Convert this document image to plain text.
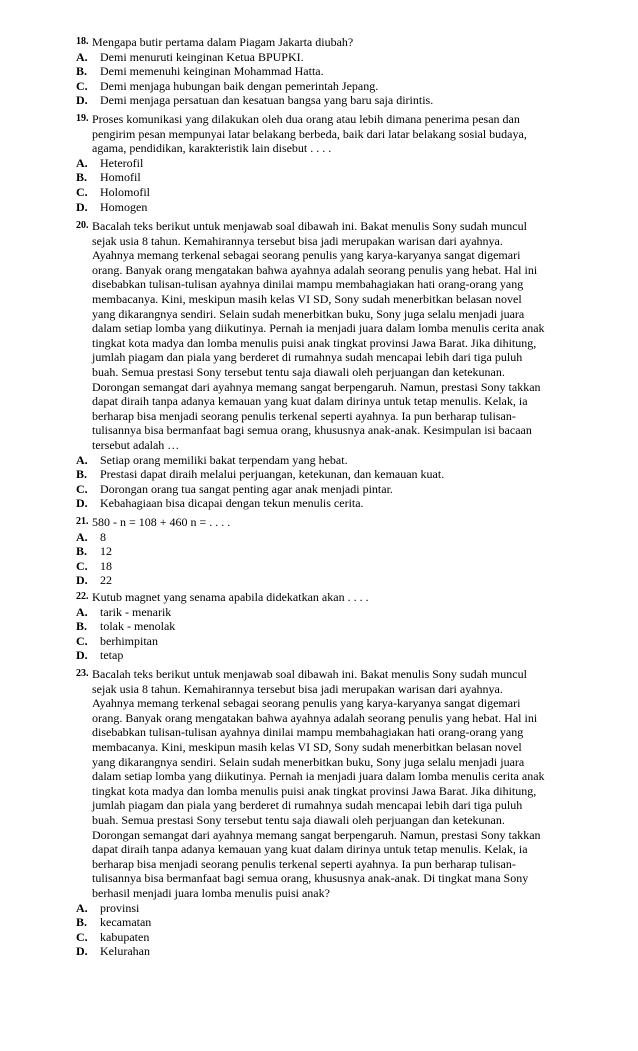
18. Mengapa butir pertama dalam Piagam Jakarta diubah?
A. Demi menuruti keinginan Ketua BPUPKI.
B. Demi memenuhi keinginan Mohammad Hatta.
C. Demi menjaga hubungan baik dengan pemerintah Jepang.
D. Demi menjaga persatuan dan kesatuan bangsa yang baru saja dirintis.
19. Proses komunikasi yang dilakukan oleh dua orang atau lebih dimana penerima pesan dan
pengirim pesan mempunyai latar belakang berbeda, baik dari latar belakang sosial budaya,
agama, pendidikan, karakteristik lain disebut . . . .
A. Heterofil
B. Homofil
C. Holomofil
D. Homogen
20. Bacalah teks berikut untuk menjawab soal dibawah ini. Bakat menulis Sony sudah muncul
sejak usia 8 tahun. Kemahirannya tersebut bisa jadi merupakan warisan dari ayahnya.
Ayahnya memang terkenal sebagai seorang penulis yang karya-karyanya sangat digemari
orang. Banyak orang mengatakan bahwa ayahnya adalah seorang penulis yang hebat. Hal ini
disebabkan tulisan-tulisan ayahnya dinilai mampu membahagiakan hati orang-orang yang
membacanya. Kini, meskipun masih kelas VI SD, Sony sudah menerbitkan belasan novel
yang dikarangnya sendiri. Selain sudah menerbitkan buku, Sony juga selalu menjadi juara
dalam setiap lomba yang diikutinya. Pernah ia menjadi juara dalam lomba menulis cerita anak
tingkat kota madya dan lomba menulis puisi anak tingkat provinsi Jawa Barat. Jika dihitung,
jumlah piagam dan piala yang berderet di rumahnya sudah mencapai lebih dari tiga puluh
buah. Semua prestasi Sony tersebut tentu saja diawali oleh perjuangan dan ketekunan.
Dorongan semangat dari ayahnya memang sangat berpengaruh. Namun, prestasi Sony takkan
dapat diraih tanpa adanya kemauan yang kuat dalam dirinya untuk tetap menulis. Kelak, ia
berharap bisa menjadi seorang penulis terkenal seperti ayahnya. Ia pun berharap tulisan-
tulisannya bisa bermanfaat bagi semua orang, khususnya anak-anak. Kesimpulan isi bacaan
tersebut adalah …
A. Setiap orang memiliki bakat terpendam yang hebat.
B. Prestasi dapat diraih melalui perjuangan, ketekunan, dan kemauan kuat.
C. Dorongan orang tua sangat penting agar anak menjadi pintar.
D. Kebahagiaan bisa dicapai dengan tekun menulis cerita.
21. 580 - n = 108 + 460 n = . . . .
A. 8
B. 12
C. 18
D. 22
22. Kutub magnet yang senama apabila didekatkan akan . . . .
A. tarik - menarik
B. tolak - menolak
C. berhimpitan
D. tetap
23. Bacalah teks berikut untuk menjawab soal dibawah ini. Bakat menulis Sony sudah muncul
sejak usia 8 tahun. Kemahirannya tersebut bisa jadi merupakan warisan dari ayahnya.
Ayahnya memang terkenal sebagai seorang penulis yang karya-karyanya sangat digemari
orang. Banyak orang mengatakan bahwa ayahnya adalah seorang penulis yang hebat. Hal ini
disebabkan tulisan-tulisan ayahnya dinilai mampu membahagiakan hati orang-orang yang
membacanya. Kini, meskipun masih kelas VI SD, Sony sudah menerbitkan belasan novel
yang dikarangnya sendiri. Selain sudah menerbitkan buku, Sony juga selalu menjadi juara
dalam setiap lomba yang diikutinya. Pernah ia menjadi juara dalam lomba menulis cerita anak
tingkat kota madya dan lomba menulis puisi anak tingkat provinsi Jawa Barat. Jika dihitung,
jumlah piagam dan piala yang berderet di rumahnya sudah mencapai lebih dari tiga puluh
buah. Semua prestasi Sony tersebut tentu saja diawali oleh perjuangan dan ketekunan.
Dorongan semangat dari ayahnya memang sangat berpengaruh. Namun, prestasi Sony takkan
dapat diraih tanpa adanya kemauan yang kuat dalam dirinya untuk tetap menulis. Kelak, ia
berharap bisa menjadi seorang penulis terkenal seperti ayahnya. Ia pun berharap tulisan-
tulisannya bisa bermanfaat bagi semua orang, khususnya anak-anak. Di tingkat mana Sony
berhasil menjadi juara lomba menulis puisi anak?
A. provinsi
B. kecamatan
C. kabupaten
D. Kelurahan
